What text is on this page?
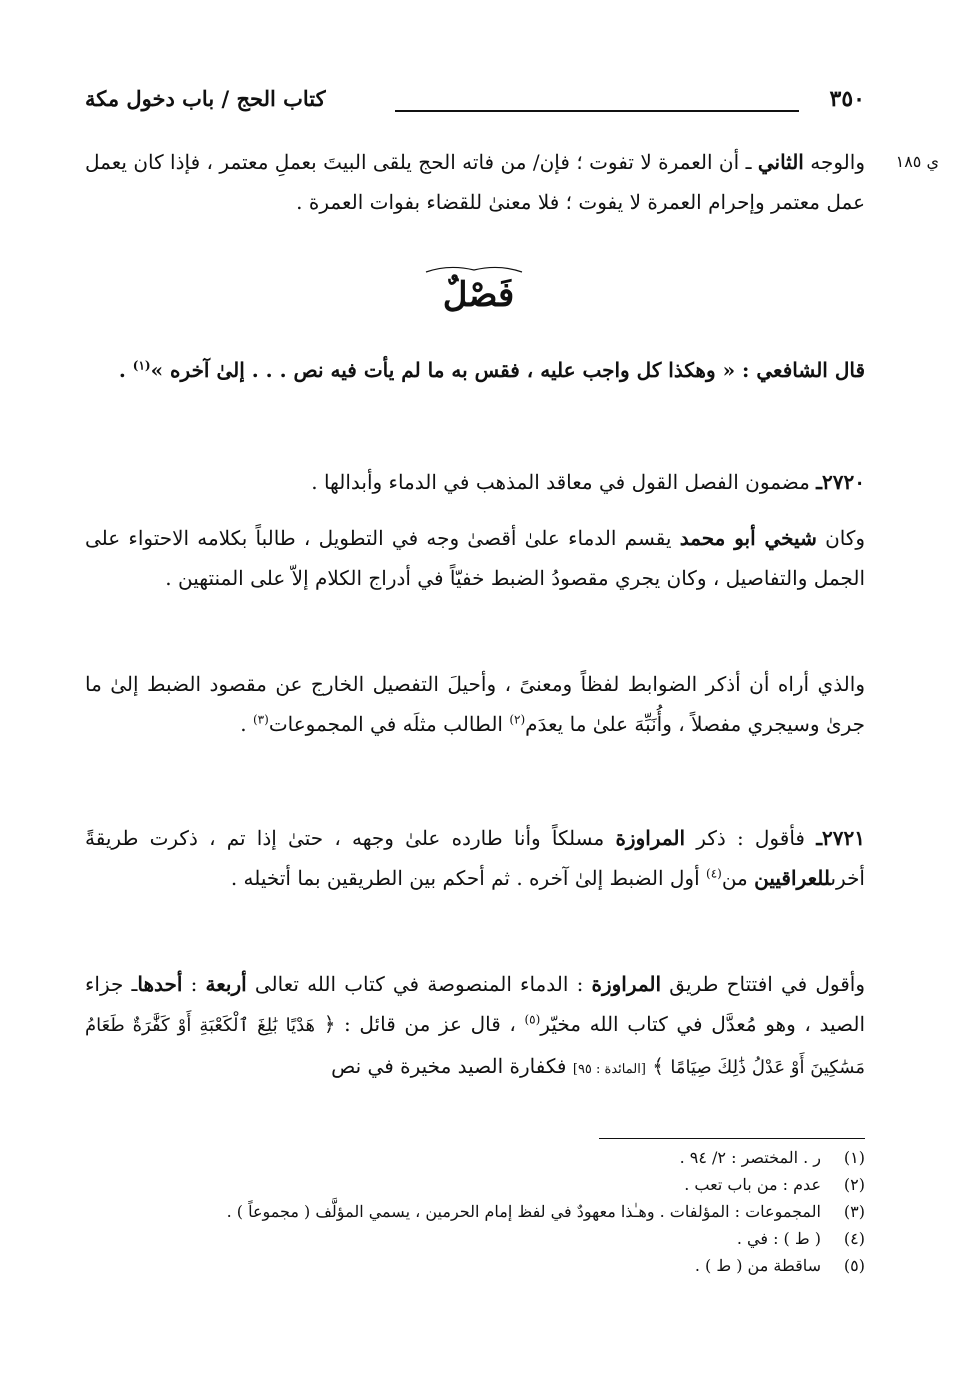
٣٥٠

كتاب الحج / باب دخول مكة

ي ١٨٥

والوجه الثاني ـ أن العمرة لا تفوت ؛ فإن/ من فاته الحج يلقى البيتَ بعملِ معتمر ، فإذا كان يعمل عمل معتمر وإحرام العمرة لا يفوت ؛ فلا معنىٰ للقضاء بفوات العمرة .

فَصْلٌ

قال الشافعي : « وهكذا كل واجب عليه ، فقس به ما لم يأت فيه نص . . . إلىٰ آخره »$^{(١)}$ .

٢٧٢٠ـ مضمون الفصل القول في معاقد المذهب في الدماء وأبدالها .

وكان شيخي أبو محمد يقسم الدماء علىٰ أقصىٰ وجه في التطويل ، طالباً بكلامه الاحتواء على الجمل والتفاصيل ، وكان يجري مقصودُ الضبط خفيّاً في أدراج الكلام إلاّ على المنتهين .

والذي أراه أن أذكر الضوابط لفظاً ومعنىً ، وأحيلَ التفصيل الخارج عن مقصود الضبط إلىٰ ما جرىٰ وسيجري مفصلاً ، وأُنَبِّهَ علىٰ ما يعدَم$^{(٢)}$ الطالب مثلَه في المجموعات$^{(٣)}$ .

٢٧٢١ـ فأقول : ذكر المراوزة مسلكاً وأنا طارده علىٰ وجهه ، حتىٰ إذا تم ، ذكرت طريقةً أخرىللعراقيين من$^{(٤)}$ أول الضبط إلىٰ آخره . ثم أحكم بين الطريقين بما أتخيله .

وأقول في افتتاح طريق المراوزة : الدماء المنصوصة في كتاب الله تعالى أربعة : أحدهاـ جزاء الصيد ، وهو مُعدَّل في كتاب الله مخيّر$^{(٥)}$ ، قال عز من قائل : ﴿ هَدْيًا بَٰلِغَ ٱلْكَعْبَةِ أَوْ كَفَّٰرَةٌ طَعَامُ مَسَٰكِينَ أَوْ عَدْلُ ذَٰلِكَ صِيَامًا ﴾ [المائدة : ٩٥] فكفارة الصيد مخيرة في نص

(١)ر . المختصر : ٢/ ٩٤ .
(٢)عدم : من باب تعب .
(٣)المجموعات : المؤلفات . وهـٰذا معهودٌ في لفظ إمام الحرمين ، يسمي المؤلَّف ( مجموعاً ) .
(٤)( ط ) : في .
(٥)ساقطة من ( ط ) .
